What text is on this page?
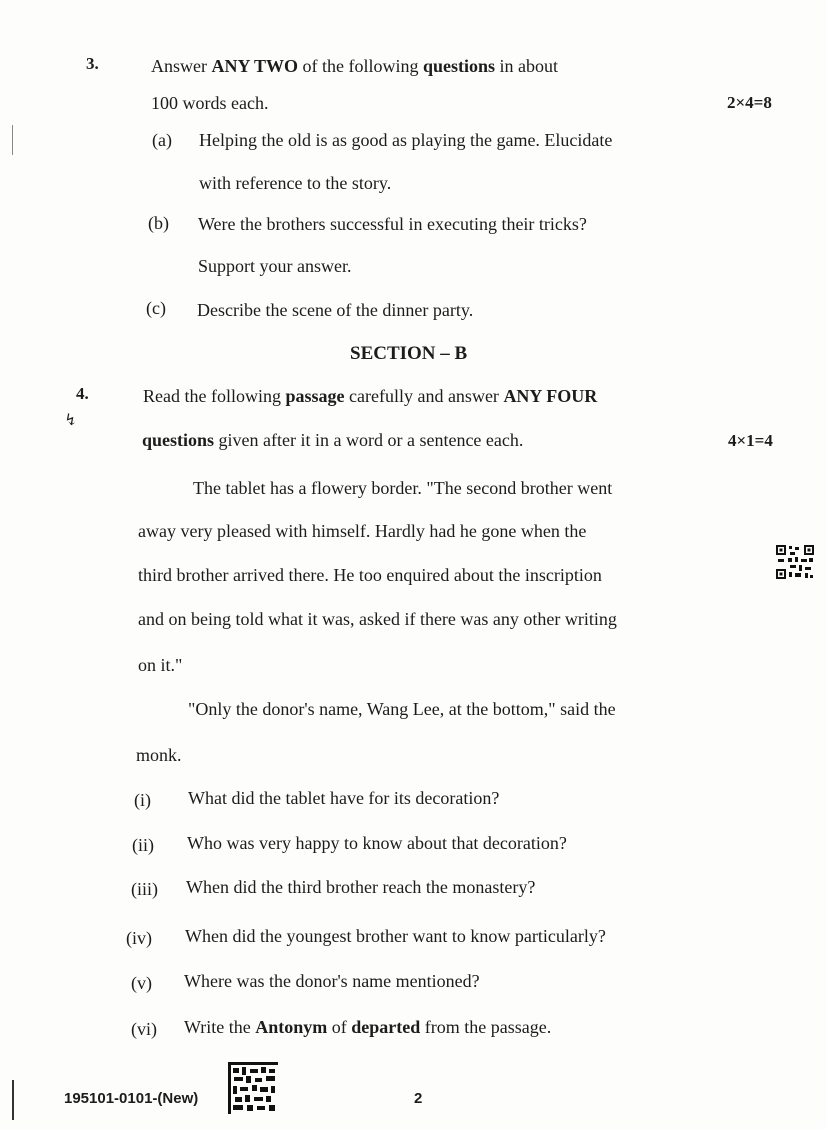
3.	Answer ANY TWO of the following questions in about
100 words each.	2×4=8
(a) Helping the old is as good as playing the game. Elucidate
with reference to the story.
(b) Were the brothers successful in executing their tricks?
Support your answer.
(c) Describe the scene of the dinner party.
SECTION – B
4.
↯
Read the following passage carefully and answer ANY FOUR
questions given after it in a word or a sentence each.	4×1=4
The tablet has a flowery border. "The second brother went
away very pleased with himself. Hardly had he gone when the
third brother arrived there. He too enquired about the inscription
and on being told what it was, asked if there was any other writing
on it."
"Only the donor's name, Wang Lee, at the bottom," said the
monk.
(i) What did the tablet have for its decoration?
(ii) Who was very happy to know about that decoration?
(iii) When did the third brother reach the monastery?
(iv) When did the youngest brother want to know particularly?
(v) Where was the donor's name mentioned?
(vi) Write the Antonym of departed from the passage.
195101-0101-(New)	2
